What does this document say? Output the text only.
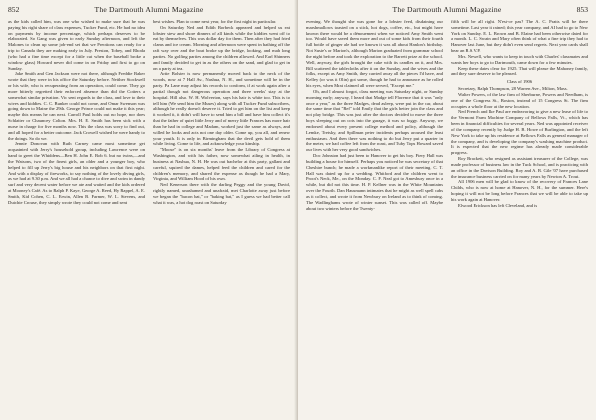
852	The Dartmouth Alumni Magazine

as the kids called him, was one who wished to make sure that he was paying his right share of class expenses, Tucker Fund, etc. He had no idea on payments by income percentage, which perhaps deserves to be elaborated. So Gang was given to early Sunday afternoon, and left the Malones to clean up some job-end set that we Preotions can ready for a trip to Canada they are making early in July. Preston, Tobey, and Rhoda (who had a fine time except for a little cut when the baseball broke a window glass) Howard never did come in on Friday and first to go on Sunday.

Jake Smith and Gen Jackson were not there, although Freddie Baker wrote that they were in his office the Saturday before. Neither Stockwell or his wife, who is recuperating from an operation, could come. They go more bitterly regretted their enforced absence than did the Cotters a somewhat similar privation. Vic sent regards to the class, and love to their wives and kiddies. C. C. Bunker could not come, and Omar Swenson was going down to Maine the 29th. George Prince could not make it this year; maybe this means he can next. Carroll Paul holds out no hope, nor does Schlatter or Chauncey Colton. Mrs. H. E. Smith has been sick with a nurse in charge for five months now. This the class was sorry to find out, and all hoped for a better outcome. Jack Crowell wished he were handy to the doings. So do we.

Jennie Donovan with Ruth Carney came most sometime get acquainted with Jerry's household group, including Lawrence were on hand to greet the Whiddens—Ben H. John E. Bob 6. but no twins,—and the Watsons, two of the finest girls, an older and a younger boy, who helped to fill up Jerry's big house and his neighbors on that first night. And with a display of fireworks, to say nothing of the lovely diving girls, as we had at 9.30 p.m. And we all had a chance to dive and swim in dandy surf and very decent water before we ate and waited and the kids ordered at Mooney's Café. As to Ralph P. Kaye, George A. Reed, Hy Rappel, A. E. Smith, Kid Cohen, C. L. Erwin, Allen B. Farmer, W. L. Stevens, and Dutchie Crouse, they simply wrote they could not come and sent

best wishes. Plan to come next year, for the first night in particular.

On Saturday Ned and Edith Borbeck appeared and helped us eat lobster stew and shore dinners of all kinds while the kiddies went off to eat by themselves. This was dollar day for them. Then after they had fried clams and ice cream. Morning and afternoon were spent in bathing off the raft way over and the boat broke up the bridge, looking, and mah long parties. No golfing parties among the children allowed. And Earl Shinners and family decided to get in as the others on the sand, and glad to get in on a party at tea.

Artie Bolster is now permanently moved back to the neck of the woods, now at 7 Hall Av., Nashua, N. H., and sometime will be in the party. Pa Lane may adjust his records to conform, if at work again after a partial though not dangerous operation and three weeks' stay at the hospital. Hill also. W. H. Wolverton, says his hair is white too. This is to tell him (We send him the Muses) along with all Tucker Fund subscribers, although he really doesn't deserve it. Tried to get him on the list and keep it worked it, it didn't will have to send him a bill and have him collect it's that the father of quiet little Jerry and of merry little Frances has more hair than he had in college and Madam, worked just the same as always, and willed he looks and acts not one day older. Come up, you all, and renew your youth. It is only in Birmingham that the devil gets hold of them while living. Come to life, and acknowledge your kinship.

"Moose" is on six months' leave from the Library of Congress at Washington, and with his father, now somewhat ailing in health, in business at Nashua, N. H. He was out bachelor at this party, gallant and careful, squired the dames, helped feed the children and cared for the children's memory, and shared the expense as though he had a Mary, Virginia, and William Hood of his own.

Ned Kenerson there with the darling Peggy and the young David, rightly named, unashamed and unafraid, met Charlotte away just before we began the "bacon bat," or "baking bat," as I guess we had better call what it was, a hot dog roast on Saturday

The Dartmouth Alumni Magazine	853

evening. We thought she was gone for a lobster feed, disdaining our marshmallows toasted on a stick, hot dogs, coffee, etc., but might have known there would be a dénouement when we noticed Amy Smith went too. Would have saved them more and out of some kids from their fourth full bottle of ginger ale had we known it was all about Hanlon's birthday. Not Susie's or Marion's, although Marion graduated from grammar school the night before and took the exploration to the Barrett prize at the school. Well, anyway, the girls brought the cake with its candles on it, and Mrs. Bill scattered the tablecloths after it on the Sunday, and the wives and the folks, except as Amy Smith, they carried away all the pieces I'd have, and Kelley (or was it Olin) got some, though he had to announce as he rolled his eyes, when Mrat claimed all were served, "Except me."

Oh, and I almost forgot, class meeting was Saturday night, or Sunday morning early; anyway, I heard that Madge tell Florence that it was "only once a year," as the three Madges, dead asleep, were put in the car, about the same time that "Ref" told Emily that the girls better join the class and not play bridge. This was just after the doctors decided to move the three boys sleeping out on cots into the garage, it was so foggy. Anyway, we endorsed about every present college method and policy, although the Lemke, Tretsky, and Spillman peter incidents perhaps aroused the least enthusiasm. And then there was nothing to do but Jerry put a quarter in the meter, we had coffee left from the roast, and Tuby Tops Howard saved our lives with her very good sandwiches.

Doc Johnston had just been to Hanover to get his boy. Fiery Hall was building a house for himself. Perhaps you noticed he was secretary of that Cheshire bunch; he made a workmanlike report of their meeting. C. T. Hall was dated up for a wedding. Whitford and the children went to Proot's Neck, Me., on the Monday. C. F. Neal got to Amesbury once in a while, but did not this time. H. P. Kellner was in the White Mountains over the Fourth. Dan Hausmann intimates that he might as well spell cabs as it collect, and wrote it from Newbury on Ireland as to think of coming. The Wadlinghams wrote of winter sunset. This was called off. Maybe about two winters before the Twenty-

fifth will be all right. N'est-ce pas? The A. C. Pratts will be there sometime. Last year it rained; this year company, and AI had to go to New York on Sunday. E. L. Brown and B. Elaine had been otherwise dated for a month. L. C. Swain and Mary often think of what a fine trip they had to Hanover last June, but they didn't even send regrets. Next year cards shall bear an R.S.V.P.

Mrs. Newell, who wants to keep in touch with Charles' classmates and wants her boys to go to Dartmouth, came down for a few minutes.

Keep these dates clear for 1925. That will please the Mahoney family, and they sure deserve to be pleased.

Class of 1906

Secretary, Ralph Thompson, 28 Warren Ave., Milton, Mass.

Walter Powers, of the law firm of Sherburne, Powers and Needham, is one of the Congress St., Boston, instead of 15 Congress St. The firm occupies a whole floor at the new location.

Ned French and Ike Paul are endeavoring to give a new lease of life to the Vermont Farm Machine Company of Bellows Falls, Vt., which has been in financial difficulties for several years. Ned was appointed receiver of the company recently by Judge H. B. Howe of Burlington, and the left New York to take up his residence at Bellows Falls as general manager of the company, and is developing the company's washing machine product. It is expected that the new regime has already made considerable progress.

Roy Brackett, who resigned as assistant treasurer of the College, was made professor of business law in the Tuck School, and is practicing with an office in the Davison Building. Roy and A. B. Gile '07 have purchased the insurance business carried on for many years by Newton A. Trout.

All 1906 men will be glad to know of the recovery of Frances Lane Childs, who is now at home at Hanover, N. H., for the summer. Here's hoping it will not be long before Frances that we will be able to take up his work again at Hanover.

Elwood Erickson has left Cleveland, and is
